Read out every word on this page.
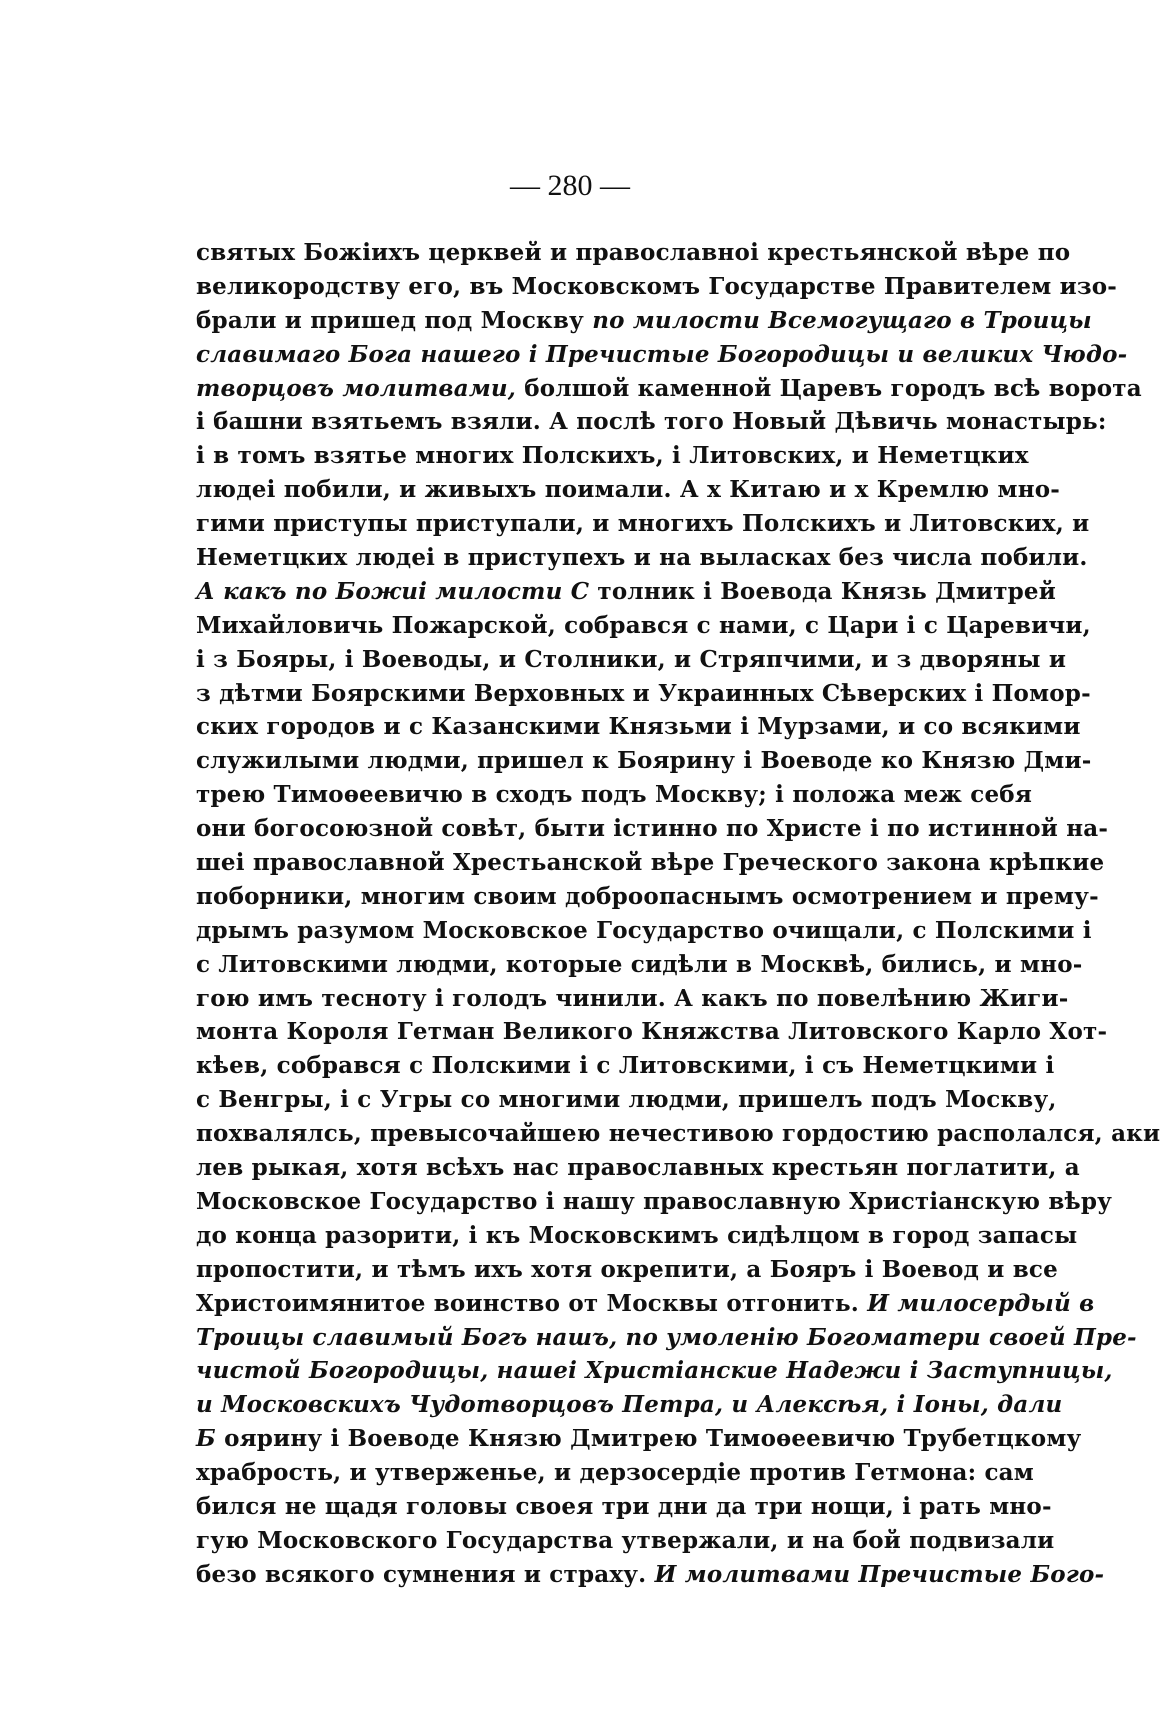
— 280 —

святых Божіихъ церквей и православноі крестьянской вѣре по
великородству его, въ Московскомъ Государстве Правителем изо-
брали и пришед под Москву по милости Всемогущаго в Троицы
славимаго Бога нашего і Пречистые Богородицы и великих Чюдо-
творцовъ молитвами, болшой каменной Царевъ городъ всѣ ворота
і башни взятьемъ взяли. А послѣ того Новый Дѣвичь монастырь:
і в томъ взятье многих Полскихъ, і Литовских, и Неметцких
людеі побили, и живыхъ поимали. А х Китаю и х Кремлю мно-
гими приступы приступали, и многихъ Полскихъ и Литовских, и
Неметцких людеі в приступехъ и на выласках без числа побили.
А какъ по Божиі милости С толник і Воевода Князь Дмитрей
Михайловичь Пожарской, собрався с нами, с Цари і с Царевичи,
і з Бояры, і Воеводы, и Столники, и Стряпчими, и з дворяны и
з дѣтми Боярскими Верховных и Украинных Сѣверских і Помор-
ских городов и с Казанскими Князьми і Мурзами, и со всякими
служилыми людми, пришел к Боярину і Воеводе ко Князю Дми-
трею Тимоѳеевичю в сходъ подъ Москву; і положа меж себя
они богосоюзной совѣт, быти істинно по Христе і по истинной на-
шеі православной Хрестьанской вѣре Греческого закона крѣпкие
поборники, многим своим доброопаснымъ осмотрением и прему-
дрымъ разумом Московское Государство очищали, с Полскими і
с Литовскими людми, которые сидѣли в Москвѣ, бились, и мно-
гою имъ тесноту і голодъ чинили. А какъ по повелѣнию Жиги-
монта Короля Гетман Великого Княжства Литовского Карло Хот-
кѣев, собрався с Полскими і с Литовскими, і съ Неметцкими і
с Венгры, і с Угры со многими людми, пришелъ подъ Москву,
похвалялсь, превысочайшею нечестивою гордостию располался, аки
лев рыкая, хотя всѣхъ нас православных крестьян поглатити, а
Московское Государство і нашу православную Христіанскую вѣру
до конца разорити, і къ Московскимъ сидѣлцом в город запасы
пропостити, и тѣмъ ихъ хотя окрепити, а Бояръ і Воевод и все
Христоимянитое воинство от Москвы отгонить. И милосердый в
Троицы славимый Богъ нашъ, по умоленію Богоматери своей Пре-
чистой Богородицы, нашеі Христіанские Надежи і Заступницы,
и Московскихъ Чудотворцовъ Петра, и Алексѣя, і Іоны, дали
Б оярину і Воеводе Князю Дмитрею Тимоѳеевичю Трубетцкому
храбрость, и утверженье, и дерзосердіе против Гетмона: сам
бился не щадя головы своея три дни да три нощи, і рать мно-
гую Московского Государства утвержали, и на бой подвизали
безо всякого сумнения и страху. И молитвами Пречистые Бого-
